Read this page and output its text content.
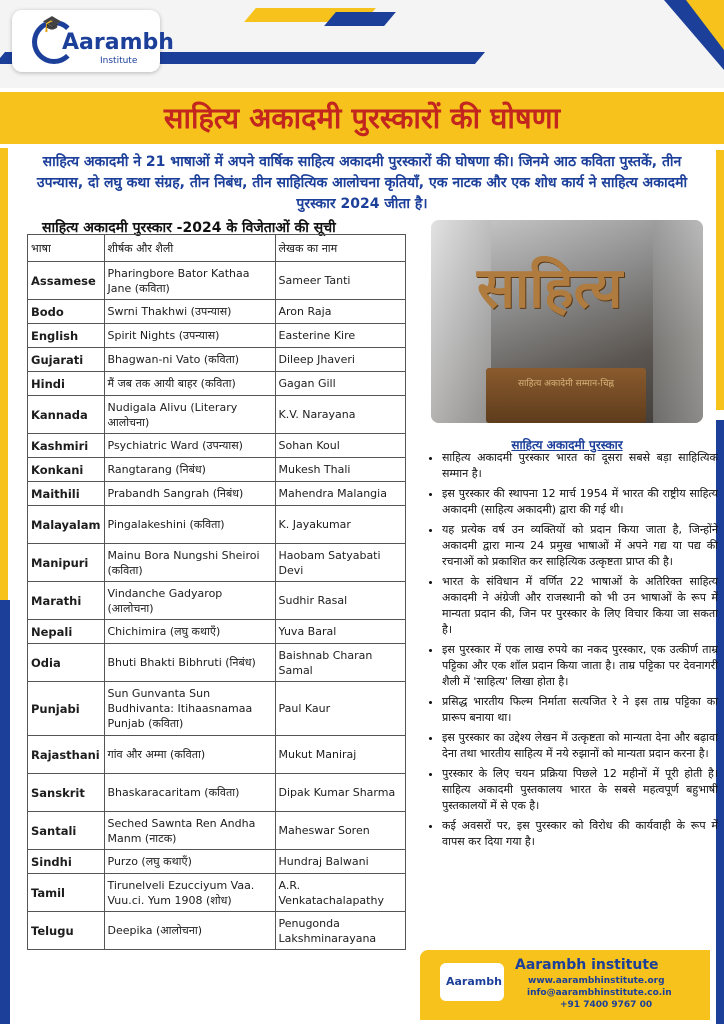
🎓
Aarambh
Institute
साहित्य अकादमी पुरस्कारों की घोषणा
साहित्य अकादमी ने 21 भाषाओं में अपने वार्षिक साहित्य अकादमी पुरस्कारों की घोषणा की। जिनमे आठ कविता पुस्तकें, तीन उपन्यास, दो लघु कथा संग्रह, तीन निबंध, तीन साहित्यिक आलोचना कृतियाँ, एक नाटक और एक शोध कार्य ने साहित्य अकादमी पुरस्कार 2024 जीता है।
साहित्य अकादमी पुरस्कार -2024 के विजेताओं की सूची
भाषा	शीर्षक और शैली	लेखक का नाम
Assamese	Pharingbore Bator Kathaa Jane (कविता)	Sameer Tanti
Bodo	Swrni Thakhwi (उपन्यास)	Aron Raja
English	Spirit Nights (उपन्यास)	Easterine Kire
Gujarati	Bhagwan-ni Vato (कविता)	Dileep Jhaveri
Hindi	मैं जब तक आयी बाहर (कविता)	Gagan Gill
Kannada	Nudigala Alivu (Literary आलोचना)	K.V. Narayana
Kashmiri	Psychiatric Ward (उपन्यास)	Sohan Koul
Konkani	Rangtarang (निबंध)	Mukesh Thali
Maithili	Prabandh Sangrah (निबंध)	Mahendra Malangia
Malayalam	Pingalakeshini (कविता)	K. Jayakumar
Manipuri	Mainu Bora Nungshi Sheiroi (कविता)	Haobam Satyabati Devi
Marathi	Vindanche Gadyarop (आलोचना)	Sudhir Rasal
Nepali	Chichimira (लघु कथाएँ)	Yuva Baral
Odia	Bhuti Bhakti Bibhruti (निबंध)	Baishnab Charan Samal
Punjabi	Sun Gunvanta Sun Budhivanta: Itihaasnamaa Punjab (कविता)	Paul Kaur
Rajasthani	गांव और अम्मा (कविता)	Mukut Maniraj
Sanskrit	Bhaskaracaritam (कविता)	Dipak Kumar Sharma
Santali	Seched Sawnta Ren Andha Manm (नाटक)	Maheswar Soren
Sindhi	Purzo (लघु कथाएँ)	Hundraj Balwani
Tamil	Tirunelveli Ezucciyum Vaa. Vuu.ci. Yum 1908 (शोध)	A.R. Venkatachalapathy
Telugu	Deepika (आलोचना)	Penugonda Lakshminarayana
साहित्य
साहित्य अकादेमी सम्मान-चिह्न
साहित्य अकादमी पुरस्कार
• साहित्य अकादमी पुरस्कार भारत का दूसरा सबसे बड़ा साहित्यिक सम्मान है।
• इस पुरस्कार की स्थापना 12 मार्च 1954 में भारत की राष्ट्रीय साहित्य अकादमी (साहित्य अकादमी) द्वारा की गई थी।
• यह प्रत्येक वर्ष उन व्यक्तियों को प्रदान किया जाता है, जिन्होंने अकादमी द्वारा मान्य 24 प्रमुख भाषाओं में अपने गद्य या पद्य की रचनाओं को प्रकाशित कर साहित्यिक उत्कृष्टता प्राप्त की है।
• भारत के संविधान में वर्णित 22 भाषाओं के अतिरिक्त साहित्य अकादमी ने अंग्रेजी और राजस्थानी को भी उन भाषाओं के रूप में मान्यता प्रदान की, जिन पर पुरस्कार के लिए विचार किया जा सकता है।
• इस पुरस्कार में एक लाख रुपये का नकद पुरस्कार, एक उत्कीर्ण ताम्र पट्टिका और एक शॉल प्रदान किया जाता है। ताम्र पट्टिका पर देवनागरी शैली में 'साहित्य' लिखा होता है।
• प्रसिद्ध भारतीय फिल्म निर्माता सत्यजित रे ने इस ताम्र पट्टिका का प्रारूप बनाया था।
• इस पुरस्कार का उद्देश्य लेखन में उत्कृष्टता को मान्यता देना और बढ़ावा देना तथा भारतीय साहित्य में नये रुझानों को मान्यता प्रदान करना है।
• पुरस्कार के लिए चयन प्रक्रिया पिछले 12 महीनों में पूरी होती है। साहित्य अकादमी पुस्तकालय भारत के सबसे महत्वपूर्ण बहुभाषी पुस्तकालयों में से एक है।
• कई अवसरों पर, इस पुरस्कार को विरोध की कार्यवाही के रूप में वापस कर दिया गया है।
Aarambh
Aarambh institute
www.aarambhinstitute.org
info@aarambhinstitute.co.in
+91 7400 9767 00
